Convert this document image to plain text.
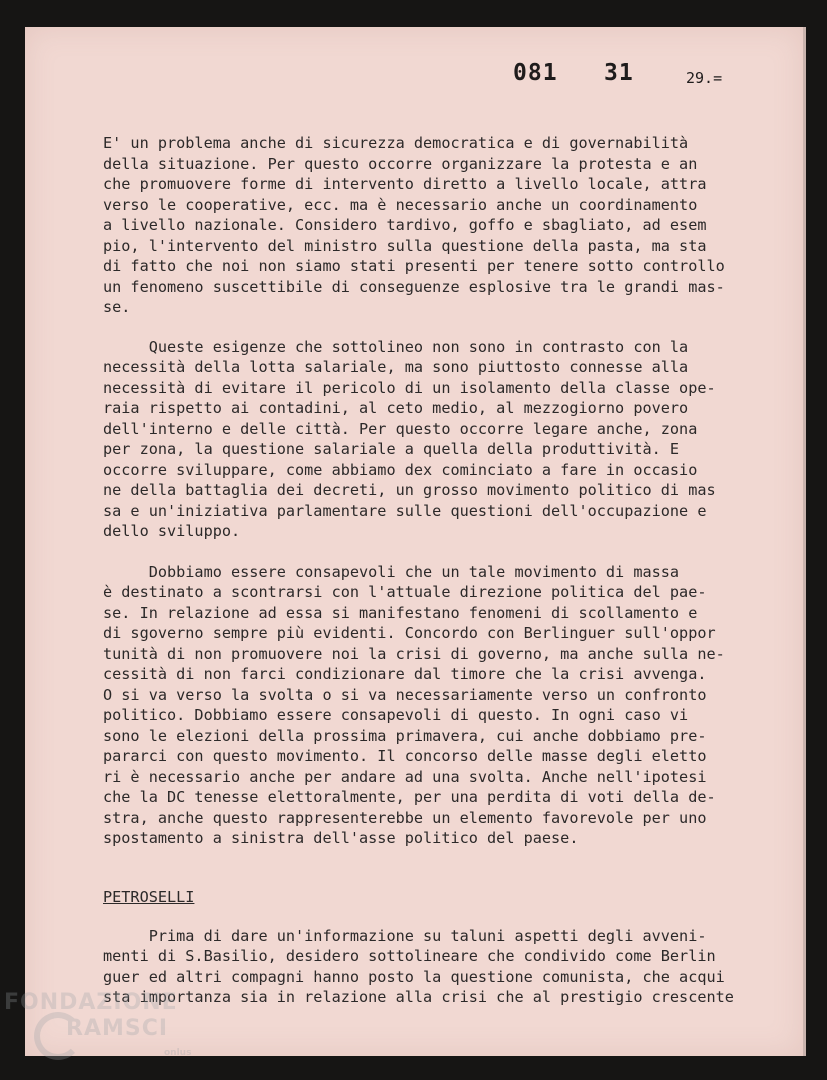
081 31	29.=
E' un problema anche di sicurezza democratica e di governabilità
della situazione. Per questo occorre organizzare la protesta e an
che promuovere forme di intervento diretto a livello locale, attra
verso le cooperative, ecc. ma è necessario anche un coordinamento
a livello nazionale. Considero tardivo, goffo e sbagliato, ad esem
pio, l'intervento del ministro sulla questione della pasta, ma sta
di fatto che noi non siamo stati presenti per tenere sotto controllo
un fenomeno suscettibile di conseguenze esplosive tra le grandi mas-
se.
Queste esigenze che sottolineo non sono in contrasto con la
necessità della lotta salariale, ma sono piuttosto connesse alla
necessità di evitare il pericolo di un isolamento della classe ope-
raia rispetto ai contadini, al ceto medio, al mezzogiorno povero
dell'interno e delle città. Per questo occorre legare anche, zona
per zona, la questione salariale a quella della produttività. E
occorre sviluppare, come abbiamo dex cominciato a fare in occasio
ne della battaglia dei decreti, un grosso movimento politico di mas
sa e un'iniziativa parlamentare sulle questioni dell'occupazione e
dello sviluppo.
Dobbiamo essere consapevoli che un tale movimento di massa
è destinato a scontrarsi con l'attuale direzione politica del pae-
se. In relazione ad essa si manifestano fenomeni di scollamento e
di sgoverno sempre più evidenti. Concordo con Berlinguer sull'oppor
tunità di non promuovere noi la crisi di governo, ma anche sulla ne-
cessità di non farci condizionare dal timore che la crisi avvenga.
O si va verso la svolta o si va necessariamente verso un confronto
politico. Dobbiamo essere consapevoli di questo. In ogni caso vi
sono le elezioni della prossima primavera, cui anche dobbiamo pre-
pararci con questo movimento. Il concorso delle masse degli eletto
ri è necessario anche per andare ad una svolta. Anche nell'ipotesi
che la DC tenesse elettoralmente, per una perdita di voti della de-
stra, anche questo rappresenterebbe un elemento favorevole per uno
spostamento a sinistra dell'asse politico del paese.
PETROSELLI
Prima di dare un'informazione su taluni aspetti degli avveni-
menti di S.Basilio, desidero sottolineare che condivido come Berlin
guer ed altri compagni hanno posto la questione comunista, che acqui
sta importanza sia in relazione alla crisi che al prestigio crescente
FONDAZIONE
RAMSCI
onlus
